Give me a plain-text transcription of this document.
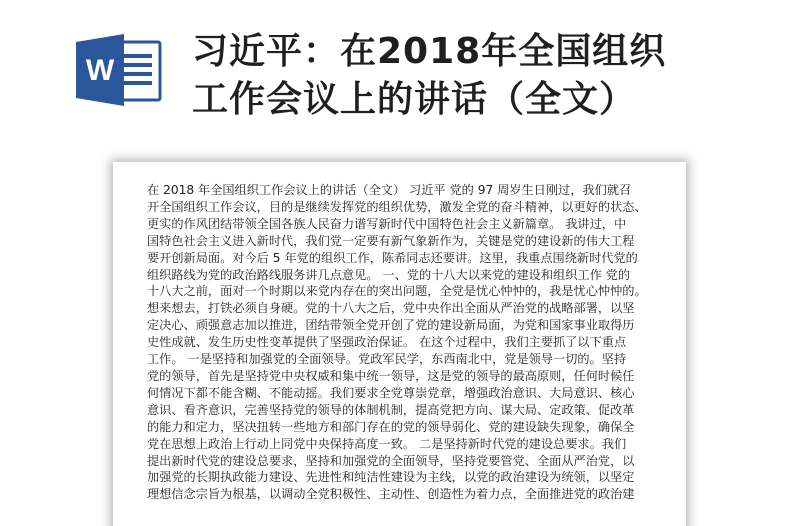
W 习近平：在2018年全国组织
工作会议上的讲话（全文）
在 2018 年全国组织工作会议上的讲话（全文） 习近平 党的 97 周岁生日刚过，我们就召
开全国组织工作会议，目的是继续发挥党的组织优势，激发全党的奋斗精神，以更好的状态、
更实的作风团结带领全国各族人民奋力谱写新时代中国特色社会主义新篇章。 我讲过，中
国特色社会主义进入新时代，我们党一定要有新气象新作为，关键是党的建设新的伟大工程
要开创新局面。对今后 5 年党的组织工作，陈希同志还要讲。这里，我重点围绕新时代党的
组织路线为党的政治路线服务讲几点意见。 一、党的十八大以来党的建设和组织工作 党的
十八大之前，面对一个时期以来党内存在的突出问题，全党是忧心忡忡的，我是忧心忡忡的。
想来想去，打铁必须自身硬。党的十八大之后，党中央作出全面从严治党的战略部署，以坚
定决心、顽强意志加以推进，团结带领全党开创了党的建设新局面，为党和国家事业取得历
史性成就、发生历史性变革提供了坚强政治保证。 在这个过程中，我们主要抓了以下重点
工作。 一是坚持和加强党的全面领导。党政军民学，东西南北中，党是领导一切的。坚持
党的领导，首先是坚持党中央权威和集中统一领导，这是党的领导的最高原则，任何时候任
何情况下都不能含糊、不能动摇。我们要求全党尊崇党章，增强政治意识、大局意识、核心
意识、看齐意识，完善坚持党的领导的体制机制，提高党把方向、谋大局、定政策、促改革
的能力和定力，坚决扭转一些地方和部门存在的党的领导弱化、党的建设缺失现象，确保全
党在思想上政治上行动上同党中央保持高度一致。 二是坚持新时代党的建设总要求。我们
提出新时代党的建设总要求，坚持和加强党的全面领导，坚持党要管党、全面从严治党，以
加强党的长期执政能力建设、先进性和纯洁性建设为主线，以党的政治建设为统领，以坚定
理想信念宗旨为根基，以调动全党积极性、主动性、创造性为着力点，全面推进党的政治建
